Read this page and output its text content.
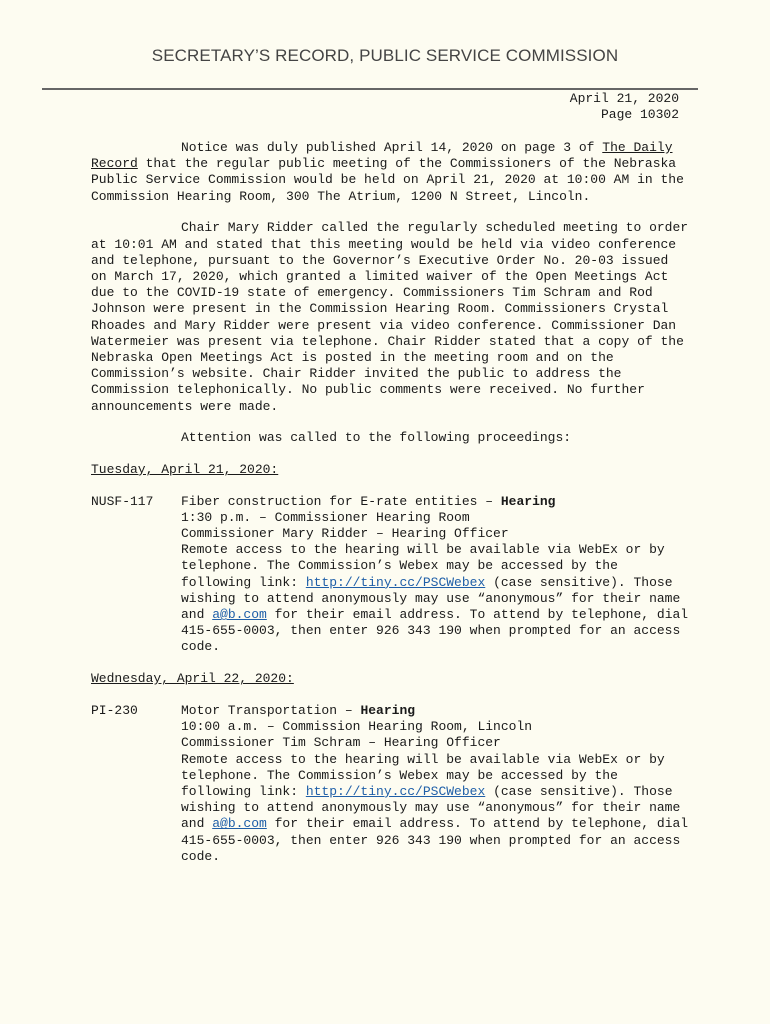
SECRETARY’S RECORD, PUBLIC SERVICE COMMISSION
April 21, 2020
Page 10302

Notice was duly published April 14, 2020 on page 3 of The Daily Record that the regular public meeting of the Commissioners of the Nebraska Public Service Commission would be held on April 21, 2020 at 10:00 AM in the Commission Hearing Room, 300 The Atrium, 1200 N Street, Lincoln.

Chair Mary Ridder called the regularly scheduled meeting to order at 10:01 AM and stated that this meeting would be held via video conference and telephone, pursuant to the Governor’s Executive Order No. 20-03 issued on March 17, 2020, which granted a limited waiver of the Open Meetings Act due to the COVID-19 state of emergency. Commissioners Tim Schram and Rod Johnson were present in the Commission Hearing Room. Commissioners Crystal Rhoades and Mary Ridder were present via video conference. Commissioner Dan Watermeier was present via telephone. Chair Ridder stated that a copy of the Nebraska Open Meetings Act is posted in the meeting room and on the Commission’s website. Chair Ridder invited the public to address the Commission telephonically. No public comments were received. No further announcements were made.

Attention was called to the following proceedings:

Tuesday, April 21, 2020:
NUSF-117	Fiber construction for E-rate entities – Hearing
1:30 p.m. – Commissioner Hearing Room
Commissioner Mary Ridder – Hearing Officer
Remote access to the hearing will be available via WebEx or by telephone. The Commission’s Webex may be accessed by the following link: http://tiny.cc/PSCWebex (case sensitive). Those wishing to attend anonymously may use “anonymous” for their name and a@b.com for their email address. To attend by telephone, dial 415-655-0003, then enter 926 343 190 when prompted for an access code.
Wednesday, April 22, 2020:
PI-230	Motor Transportation – Hearing
10:00 a.m. – Commission Hearing Room, Lincoln
Commissioner Tim Schram – Hearing Officer
Remote access to the hearing will be available via WebEx or by telephone. The Commission’s Webex may be accessed by the following link: http://tiny.cc/PSCWebex (case sensitive). Those wishing to attend anonymously may use “anonymous” for their name and a@b.com for their email address. To attend by telephone, dial 415-655-0003, then enter 926 343 190 when prompted for an access code.
